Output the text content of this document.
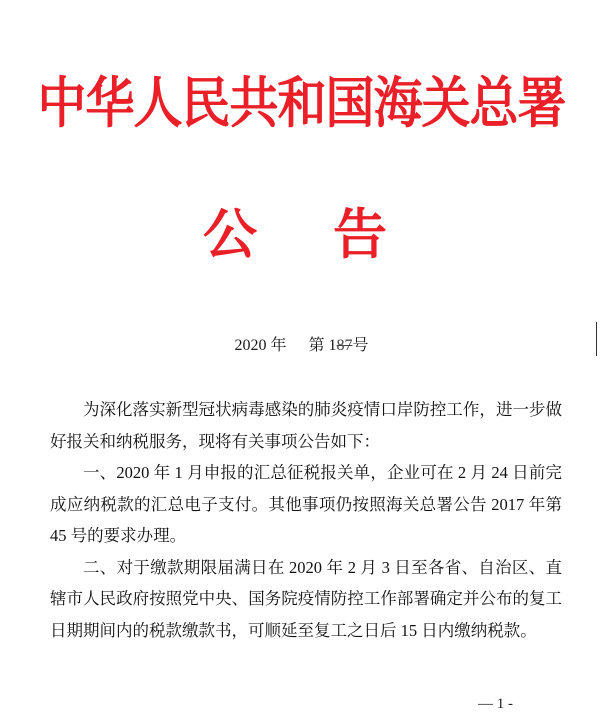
中华人民共和国海关总署
公 告
2020 年 第 187号

为深化落实新型冠状病毒感染的肺炎疫情口岸防控工作，进一步做好报关和纳税服务，现将有关事项公告如下：

一、2020 年 1 月申报的汇总征税报关单，企业可在 2 月 24 日前完成应纳税款的汇总电子支付。其他事项仍按照海关总署公告 2017 年第 45 号的要求办理。

二、对于缴款期限届满日在 2020 年 2 月 3 日至各省、自治区、直辖市人民政府按照党中央、国务院疫情防控工作部署确定并公布的复工日期期间内的税款缴款书，可顺延至复工之日后 15 日内缴纳税款。

— 1 -
